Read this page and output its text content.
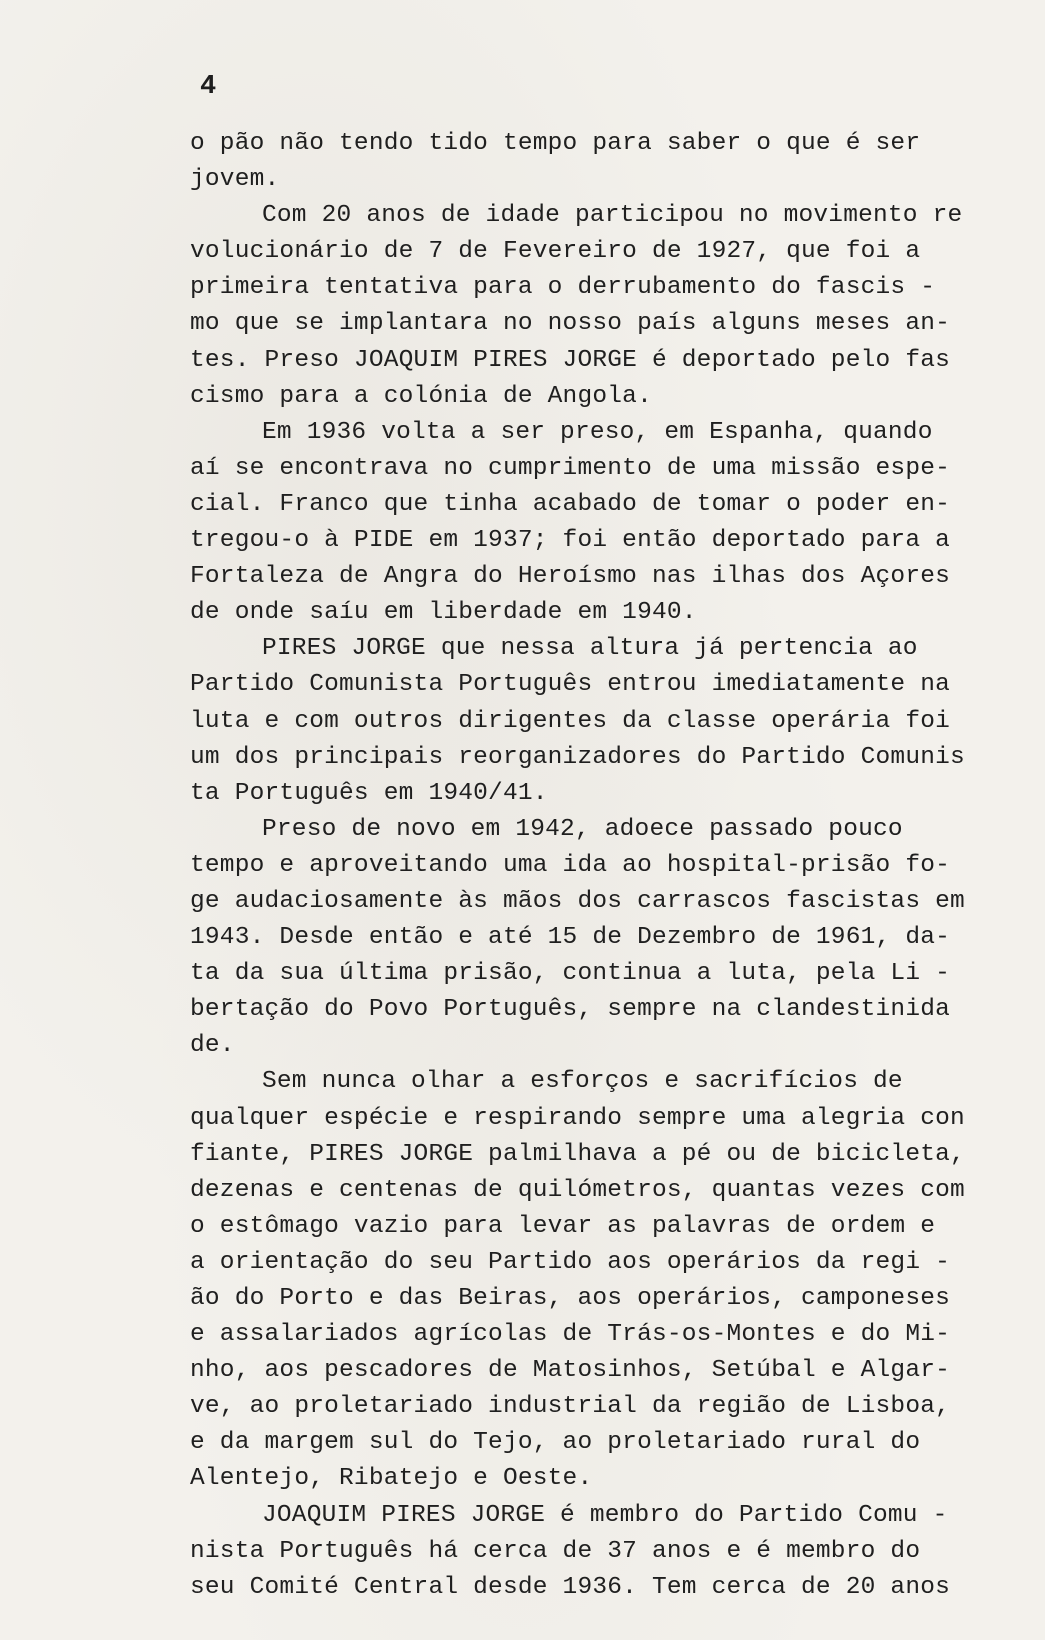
4
o pão não tendo tido tempo para saber o que é ser
jovem.
Com 20 anos de idade participou no movimento re
volucionário de 7 de Fevereiro de 1927, que foi a
primeira tentativa para o derrubamento do fascis -
mo que se implantara no nosso país alguns meses an-
tes. Preso JOAQUIM PIRES JORGE é deportado pelo fas
cismo para a colónia de Angola.
Em 1936 volta a ser preso, em Espanha, quando
aí se encontrava no cumprimento de uma missão espe-
cial. Franco que tinha acabado de tomar o poder en-
tregou-o à PIDE em 1937; foi então deportado para a
Fortaleza de Angra do Heroísmo nas ilhas dos Açores
de onde saíu em liberdade em 1940.
PIRES JORGE que nessa altura já pertencia ao
Partido Comunista Português entrou imediatamente na
luta e com outros dirigentes da classe operária foi
um dos principais reorganizadores do Partido Comunis
ta Português em 1940/41.
Preso de novo em 1942, adoece passado pouco
tempo e aproveitando uma ida ao hospital-prisão fo-
ge audaciosamente às mãos dos carrascos fascistas em
1943. Desde então e até 15 de Dezembro de 1961, da-
ta da sua última prisão, continua a luta, pela Li -
bertação do Povo Português, sempre na clandestinida
de.
Sem nunca olhar a esforços e sacrifícios de
qualquer espécie e respirando sempre uma alegria con
fiante, PIRES JORGE palmilhava a pé ou de bicicleta,
dezenas e centenas de quilómetros, quantas vezes com
o estômago vazio para levar as palavras de ordem e
a orientação do seu Partido aos operários da regi -
ão do Porto e das Beiras, aos operários, camponeses
e assalariados agrícolas de Trás-os-Montes e do Mi-
nho, aos pescadores de Matosinhos, Setúbal e Algar-
ve, ao proletariado industrial da região de Lisboa,
e da margem sul do Tejo, ao proletariado rural do
Alentejo, Ribatejo e Oeste.
JOAQUIM PIRES JORGE é membro do Partido Comu -
nista Português há cerca de 37 anos e é membro do
seu Comité Central desde 1936. Tem cerca de 20 anos
